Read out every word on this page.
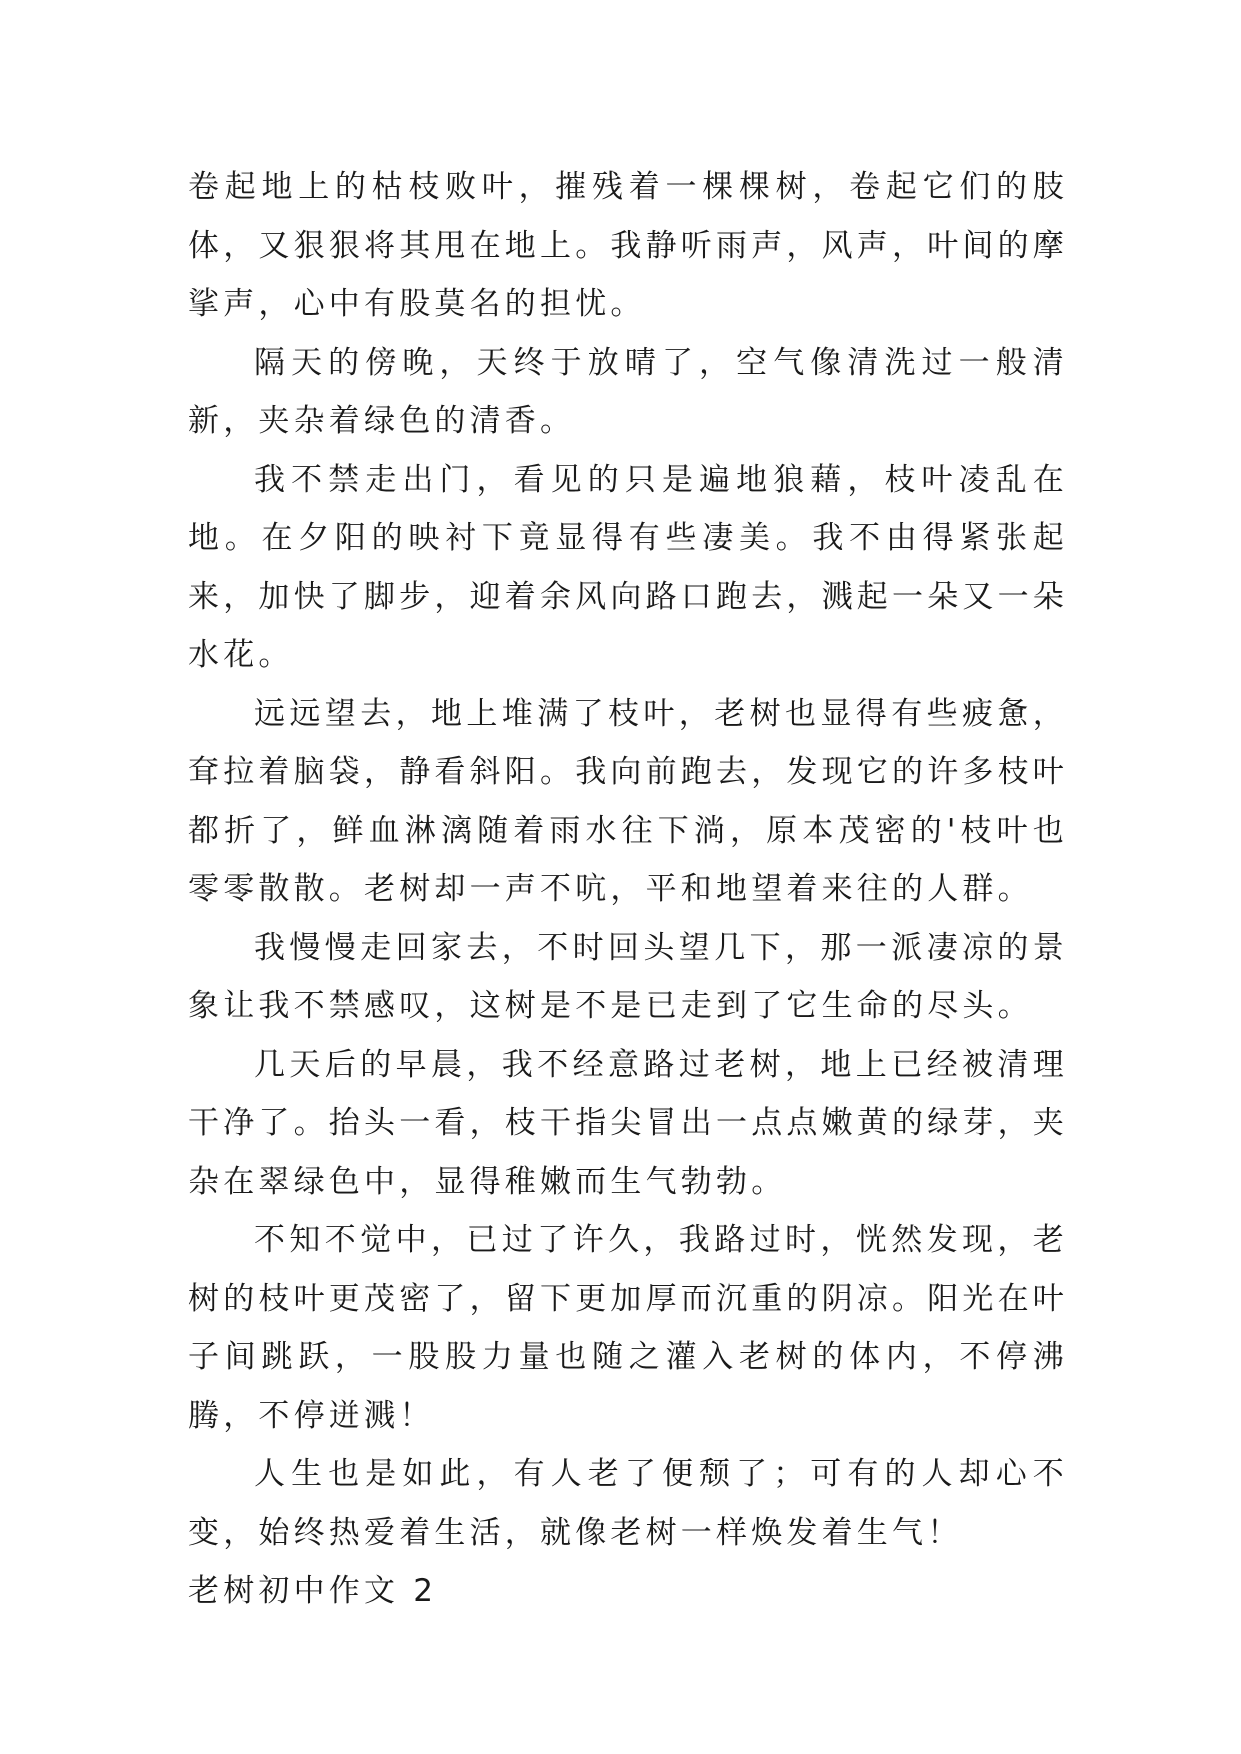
卷起地上的枯枝败叶，摧残着一棵棵树，卷起它们的肢体，又狠狠将其甩在地上。我静听雨声，风声，叶间的摩挲声，心中有股莫名的担忧。

隔天的傍晚，天终于放晴了，空气像清洗过一般清新，夹杂着绿色的清香。

我不禁走出门，看见的只是遍地狼藉，枝叶凌乱在地。在夕阳的映衬下竟显得有些凄美。我不由得紧张起来，加快了脚步，迎着余风向路口跑去，溅起一朵又一朵水花。

远远望去，地上堆满了枝叶，老树也显得有些疲惫，耷拉着脑袋，静看斜阳。我向前跑去，发现它的许多枝叶都折了，鲜血淋漓随着雨水往下淌，原本茂密的'枝叶也零零散散。老树却一声不吭，平和地望着来往的人群。

我慢慢走回家去，不时回头望几下，那一派凄凉的景象让我不禁感叹，这树是不是已走到了它生命的尽头。

几天后的早晨，我不经意路过老树，地上已经被清理干净了。抬头一看，枝干指尖冒出一点点嫩黄的绿芽，夹杂在翠绿色中，显得稚嫩而生气勃勃。

不知不觉中，已过了许久，我路过时，恍然发现，老树的枝叶更茂密了，留下更加厚而沉重的阴凉。阳光在叶子间跳跃，一股股力量也随之灌入老树的体内，不停沸腾，不停迸溅！

人生也是如此，有人老了便颓了；可有的人却心不变，始终热爱着生活，就像老树一样焕发着生气！

老树初中作文 2
